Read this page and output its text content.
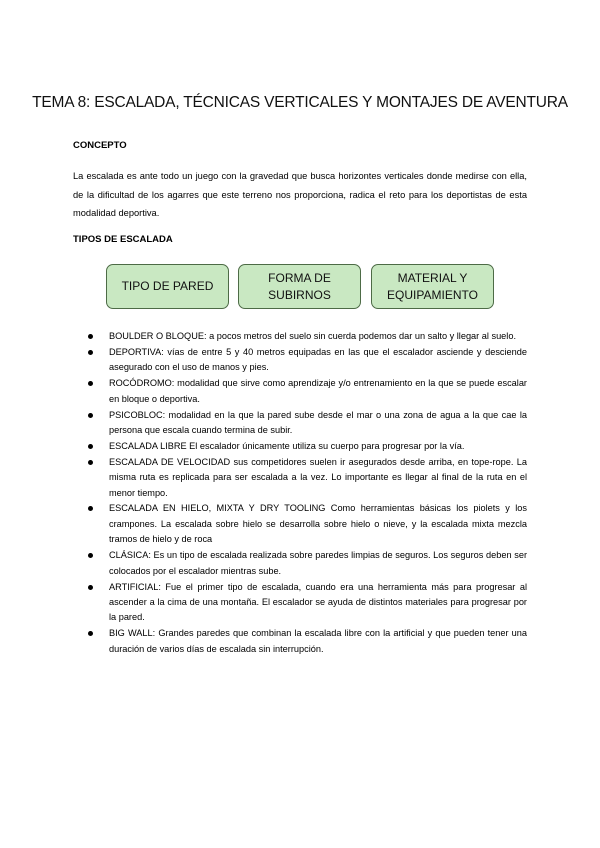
TEMA 8: ESCALADA, TÉCNICAS VERTICALES Y MONTAJES DE AVENTURA
CONCEPTO
La escalada es ante todo un juego con la gravedad que busca horizontes verticales donde medirse con ella, de la dificultad de los agarres que este terreno nos proporciona, radica el reto para los deportistas de esta modalidad deportiva.
TIPOS DE ESCALADA
TIPO DE PARED
FORMA DE
SUBIRNOS
MATERIAL Y
EQUIPAMIENTO
BOULDER O BLOQUE: a pocos metros del suelo sin cuerda podemos dar un salto y llegar al suelo.
DEPORTIVA: vías de entre 5 y 40 metros equipadas en las que el escalador asciende y desciende asegurado con el uso de manos y pies.
ROCÓDROMO: modalidad que sirve como aprendizaje y/o entrenamiento en la que se puede escalar en bloque o deportiva.
PSICOBLOC: modalidad en la que la pared sube desde el mar o una zona de agua a la que cae la persona que escala cuando termina de subir.
ESCALADA LIBRE El escalador únicamente utiliza su cuerpo para progresar por la vía.
ESCALADA DE VELOCIDAD sus competidores suelen ir asegurados desde arriba, en tope-rope. La misma ruta es replicada para ser escalada a la vez. Lo importante es llegar al final de la ruta en el menor tiempo.
ESCALADA EN HIELO, MIXTA Y DRY TOOLING Como herramientas básicas los piolets y los crampones. La escalada sobre hielo se desarrolla sobre hielo o nieve, y la escalada mixta mezcla tramos de hielo y de roca
CLÁSICA: Es un tipo de escalada realizada sobre paredes limpias de seguros. Los seguros deben ser colocados por el escalador mientras sube.
ARTIFICIAL: Fue el primer tipo de escalada, cuando era una herramienta más para progresar al ascender a la cima de una montaña. El escalador se ayuda de distintos materiales para progresar por la pared.
BIG WALL: Grandes paredes que combinan la escalada libre con la artificial y que pueden tener una duración de varios días de escalada sin interrupción.
